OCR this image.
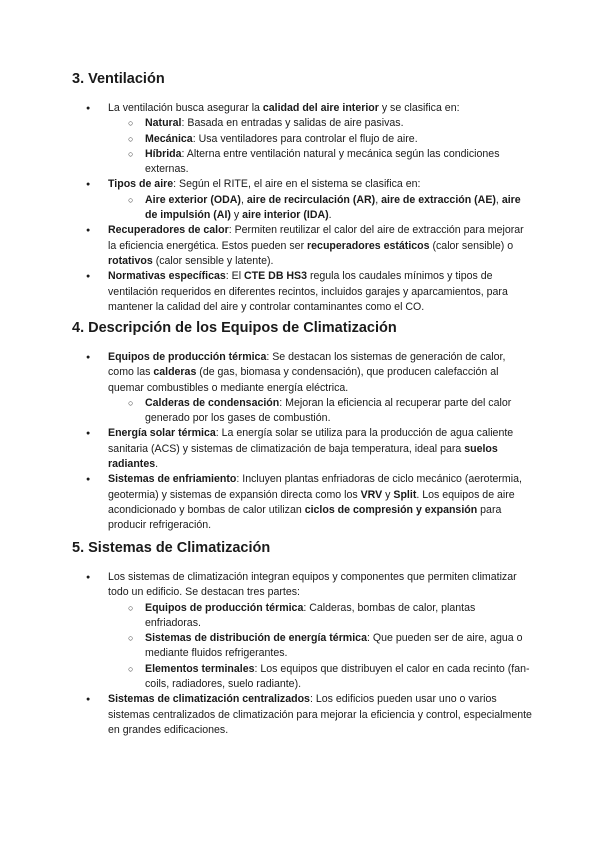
3. Ventilación
● La ventilación busca asegurar la calidad del aire interior y se clasifica en:
○ Natural: Basada en entradas y salidas de aire pasivas.
○ Mecánica: Usa ventiladores para controlar el flujo de aire.
○ Híbrida: Alterna entre ventilación natural y mecánica según las condiciones externas.
● Tipos de aire: Según el RITE, el aire en el sistema se clasifica en:
○ Aire exterior (ODA), aire de recirculación (AR), aire de extracción (AE), aire de impulsión (AI) y aire interior (IDA).
● Recuperadores de calor: Permiten reutilizar el calor del aire de extracción para mejorar la eficiencia energética. Estos pueden ser recuperadores estáticos (calor sensible) o rotativos (calor sensible y latente).
● Normativas específicas: El CTE DB HS3 regula los caudales mínimos y tipos de ventilación requeridos en diferentes recintos, incluidos garajes y aparcamientos, para mantener la calidad del aire y controlar contaminantes como el CO.
4. Descripción de los Equipos de Climatización
● Equipos de producción térmica: Se destacan los sistemas de generación de calor, como las calderas (de gas, biomasa y condensación), que producen calefacción al quemar combustibles o mediante energía eléctrica.
○ Calderas de condensación: Mejoran la eficiencia al recuperar parte del calor generado por los gases de combustión.
● Energía solar térmica: La energía solar se utiliza para la producción de agua caliente sanitaria (ACS) y sistemas de climatización de baja temperatura, ideal para suelos radiantes.
● Sistemas de enfriamiento: Incluyen plantas enfriadoras de ciclo mecánico (aerotermia, geotermia) y sistemas de expansión directa como los VRV y Split. Los equipos de aire acondicionado y bombas de calor utilizan ciclos de compresión y expansión para producir refrigeración.
5. Sistemas de Climatización
● Los sistemas de climatización integran equipos y componentes que permiten climatizar todo un edificio. Se destacan tres partes:
○ Equipos de producción térmica: Calderas, bombas de calor, plantas enfriadoras.
○ Sistemas de distribución de energía térmica: Que pueden ser de aire, agua o mediante fluidos refrigerantes.
○ Elementos terminales: Los equipos que distribuyen el calor en cada recinto (fan-coils, radiadores, suelo radiante).
● Sistemas de climatización centralizados: Los edificios pueden usar uno o varios sistemas centralizados de climatización para mejorar la eficiencia y control, especialmente en grandes edificaciones.
